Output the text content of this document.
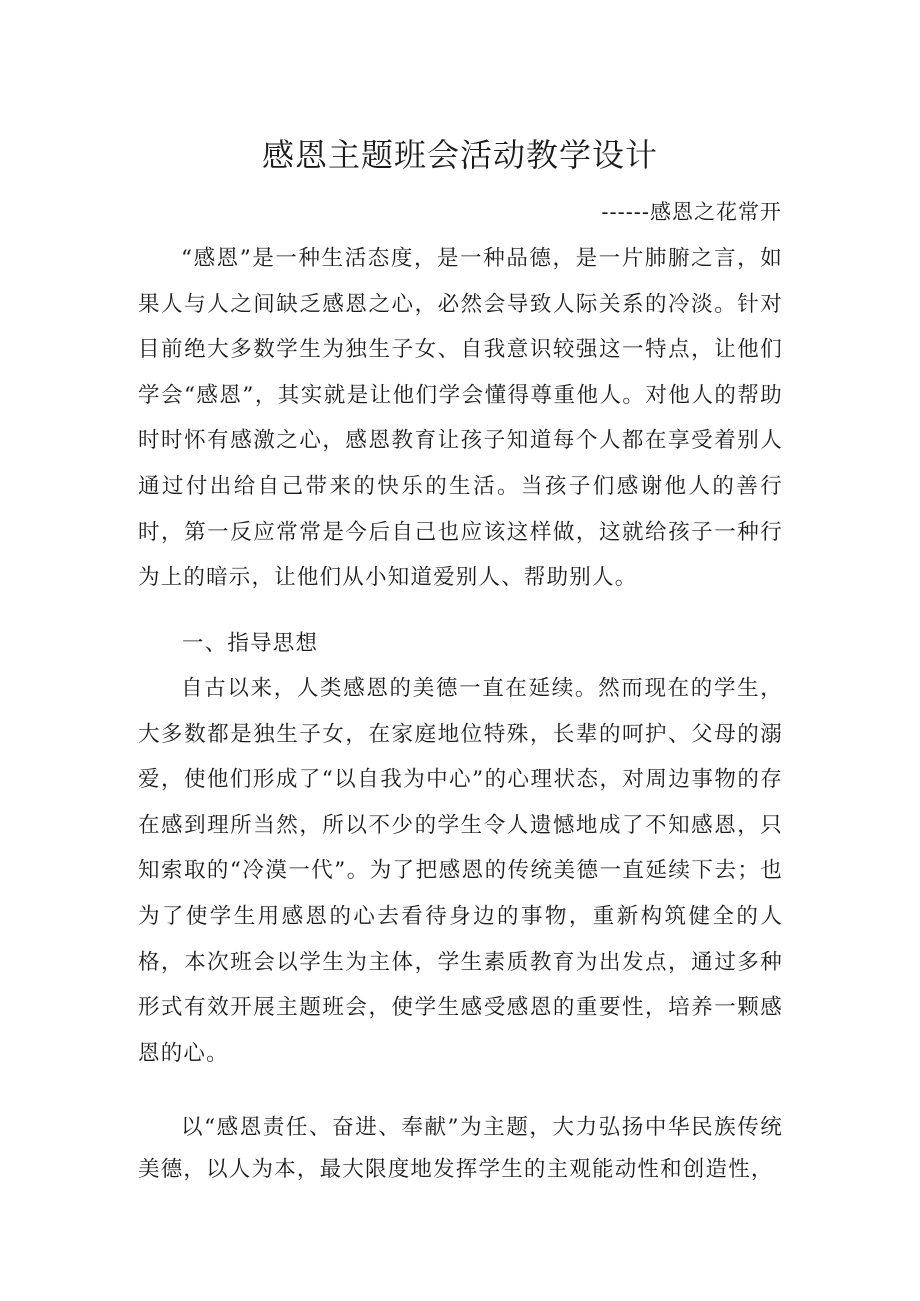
感恩主题班会活动教学设计
------感恩之花常开

“感恩”是一种生活态度，是一种品德，是一片肺腑之言，如果人与人之间缺乏感恩之心，必然会导致人际关系的冷淡。针对目前绝大多数学生为独生子女、自我意识较强这一特点，让他们学会“感恩”，其实就是让他们学会懂得尊重他人。对他人的帮助时时怀有感激之心，感恩教育让孩子知道每个人都在享受着别人通过付出给自己带来的快乐的生活。当孩子们感谢他人的善行时，第一反应常常是今后自己也应该这样做，这就给孩子一种行为上的暗示，让他们从小知道爱别人、帮助别人。

一、指导思想

自古以来，人类感恩的美德一直在延续。然而现在的学生，大多数都是独生子女，在家庭地位特殊，长辈的呵护、父母的溺爱，使他们形成了“以自我为中心”的心理状态，对周边事物的存在感到理所当然，所以不少的学生令人遗憾地成了不知感恩，只知索取的“冷漠一代”。为了把感恩的传统美德一直延续下去；也为了使学生用感恩的心去看待身边的事物，重新构筑健全的人格，本次班会以学生为主体，学生素质教育为出发点，通过多种形式有效开展主题班会，使学生感受感恩的重要性，培养一颗感恩的心。

以“感恩责任、奋进、奉献”为主题，大力弘扬中华民族传统美德，以人为本，最大限度地发挥学生的主观能动性和创造性，
